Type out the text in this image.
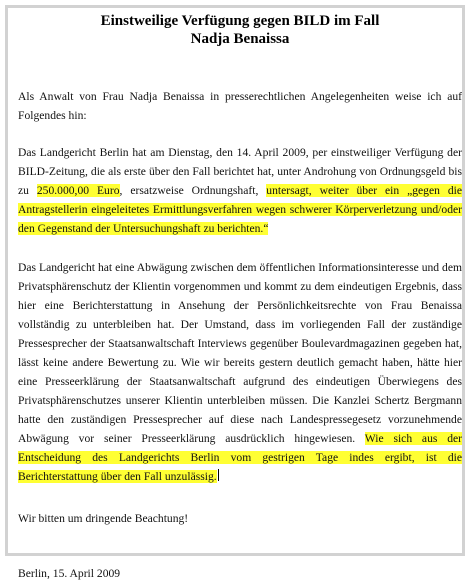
Einstweilige Verfügung gegen BILD im Fall
Nadja Benaissa

Als Anwalt von Frau Nadja Benaissa in presserechtlichen Angelegenheiten weise ich auf Folgendes hin:

Das Landgericht Berlin hat am Dienstag, den 14. April 2009, per einstweiliger Verfügung der BILD-Zeitung, die als erste über den Fall berichtet hat, unter Androhung von Ordnungsgeld bis zu 250.000,00 Euro, ersatzweise Ordnungshaft, untersagt, weiter über ein „gegen die Antragstellerin eingeleitetes Ermittlungsverfahren wegen schwerer Körperverletzung und/oder den Gegenstand der Untersuchungshaft zu berichten.“

Das Landgericht hat eine Abwägung zwischen dem öffentlichen Informationsinteresse und dem Privatsphärenschutz der Klientin vorgenommen und kommt zu dem eindeutigen Ergebnis, dass hier eine Berichterstattung in Ansehung der Persönlichkeitsrechte von Frau Benaissa vollständig zu unterbleiben hat. Der Umstand, dass im vorliegenden Fall der zuständige Pressesprecher der Staatsanwaltschaft Interviews gegenüber Boulevardmagazinen gegeben hat, lässt keine andere Bewertung zu. Wie wir bereits gestern deutlich gemacht haben, hätte hier eine Presseerklärung der Staatsanwaltschaft aufgrund des eindeutigen Überwiegens des Privatsphärenschutzes unserer Klientin unterbleiben müssen. Die Kanzlei Schertz Bergmann hatte den zuständigen Pressesprecher auf diese nach Landespressegesetz vorzunehmende Abwägung vor seiner Presseerklärung ausdrücklich hingewiesen. Wie sich aus der Entscheidung des Landgerichts Berlin vom gestrigen Tage indes ergibt, ist die Berichterstattung über den Fall unzulässig.

Wir bitten um dringende Beachtung!

Berlin, 15. April 2009
